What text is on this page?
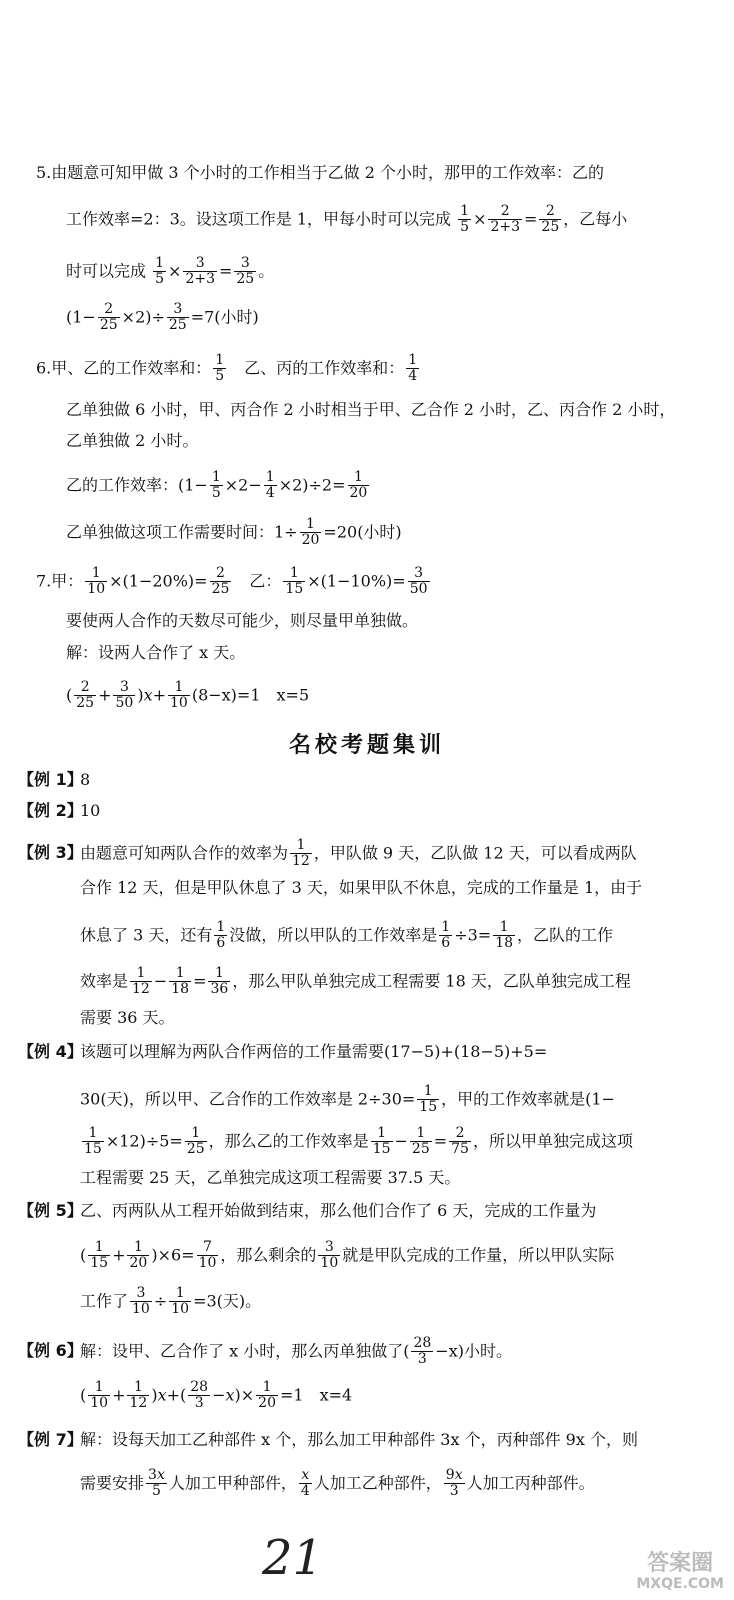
5.由题意可知甲做 3 个小时的工作相当于乙做 2 个小时，那甲的工作效率：乙的
工作效率=2：3。设这项工作是 1，甲每小时可以完成 $\frac{1}{5} \times \frac{2}{2+3} = \frac{2}{25}$ ，乙每小
时可以完成 $\frac{1}{5} \times \frac{3}{2+3} = \frac{3}{25}$ 。
$(1- \frac{2}{25} \times 2)\div \frac{3}{25} =7$(小时)
6.甲、乙的工作效率和： $\frac{1}{5}$
　 乙、丙的工作效率和： $\frac{1}{4}$
乙单独做 6 小时，甲、丙合作 2 小时相当于甲、乙合作 2 小时，乙、丙合作 2 小时，
乙单独做 2 小时。
乙的工作效率：$(1- \frac{1}{5} \times 2- \frac{1}{4} \times 2)\div 2= \frac{1}{20}$
乙单独做这项工作需要时间：$1\div \frac{1}{20} =20$(小时)
7.甲： $\frac{1}{10} \times(1-20\%)= \frac{2}{25}$
　 乙： $\frac{1}{15} \times(1-10\%)= \frac{3}{50}$
要使两人合作的天数尽可能少，则尽量甲单独做。
解：设两人合作了 x 天。
( $\frac{2}{25} + \frac{3}{50} )x+ \frac{1}{10} (8-x)=1$　x=5
名校考题集训
【例 1】8
【例 2】10
【例 3】由题意可知两队合作的效率为 $\frac{1}{12}$ ，甲队做 9 天，乙队做 12 天，可以看成两队
合作 12 天，但是甲队休息了 3 天，如果甲队不休息，完成的工作量是 1，由于
休息了 3 天，还有 $\frac{1}{6}$ 没做，所以甲队的工作效率是 $\frac{1}{6} \div 3= \frac{1}{18}$ ，乙队的工作
效率是 $\frac{1}{12} - \frac{1}{18} = \frac{1}{36}$ ，那么甲队单独完成工程需要 18 天，乙队单独完成工程
需要 36 天。
【例 4】该题可以理解为两队合作两倍的工作量需要(17−5)+(18−5)+5=
30(天)，所以甲、乙合作的工作效率是 $2\div 30= \frac{1}{15}$ ，甲的工作效率就是(1−
$\frac{1}{15} \times 12)\div 5= \frac{1}{25}$ ，那么乙的工作效率是 $\frac{1}{15} - \frac{1}{25} = \frac{2}{75}$ ，所以甲单独完成这项
工程需要 25 天，乙单独完成这项工程需要 37.5 天。
【例 5】乙、丙两队从工程开始做到结束，那么他们合作了 6 天，完成的工作量为
( $\frac{1}{15} + \frac{1}{20} )\times 6= \frac{7}{10}$ ，那么剩余的 $\frac{3}{10}$ 就是甲队完成的工作量，所以甲队实际
工作了 $\frac{3}{10} \div \frac{1}{10} =3$(天)。
【例 6】解：设甲、乙合作了 x 小时，那么丙单独做了( $\frac{28}{3} -x$)小时。
( $\frac{1}{10} + \frac{1}{12} )x+( \frac{28}{3} -x)\times \frac{1}{20} =1$　x=4
【例 7】解：设每天加工乙种部件 x 个，那么加工甲种部件 3x 个，丙种部件 9x 个，则
需要安排 $\frac{3x}{5}$ 人加工甲种部件， $\frac{x}{4}$ 人加工乙种部件， $\frac{9x}{3}$ 人加工丙种部件。
21	答案圈
MXQE.COM
